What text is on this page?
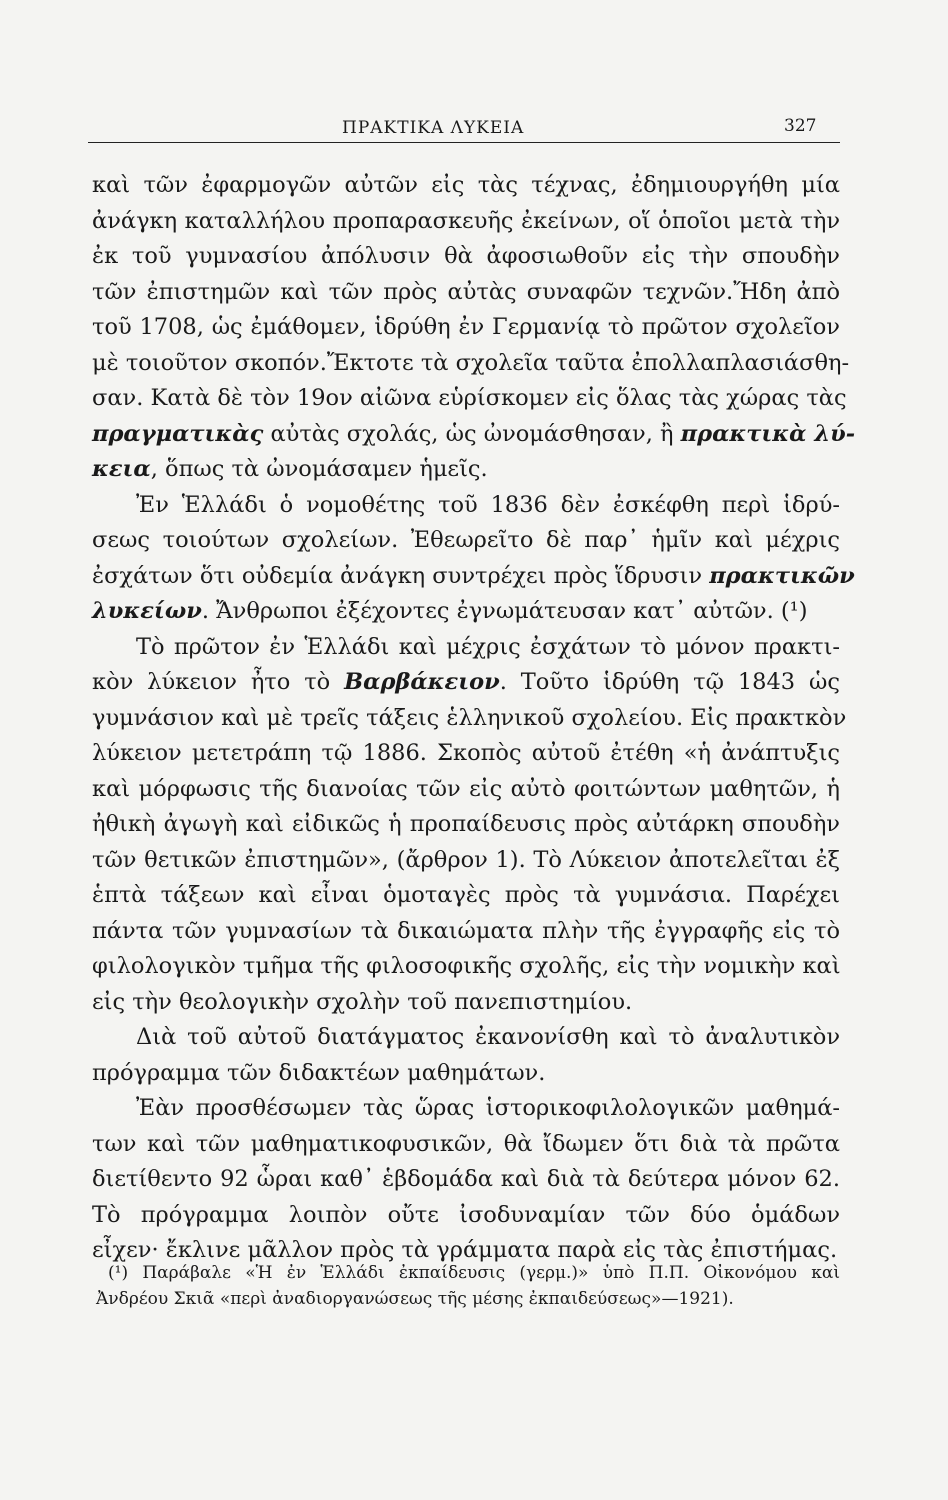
ΠΡΑΚΤΙΚΑ ΛΥΚΕΙΑ	327
καὶ τῶν ἐφαρμογῶν αὐτῶν εἰς τὰς τέχνας, ἐδημιουργήθη μία
ἀνάγκη καταλλήλου προπαρασκευῆς ἐκείνων, οἵ ὁποῖοι μετὰ τὴν
ἐκ τοῦ γυμνασίου ἀπόλυσιν θὰ ἀφοσιωθοῦν εἰς τὴν σπουδὴν
τῶν ἐπιστημῶν καὶ τῶν πρὸς αὐτὰς συναφῶν τεχνῶν.Ἤδη ἀπὸ
τοῦ 1708, ὡς ἐμάθομεν, ἱδρύθη ἐν Γερμανίᾳ τὸ πρῶτον σχολεῖον
μὲ τοιοῦτον σκοπόν.Ἔκτοτε τὰ σχολεῖα ταῦτα ἐπολλαπλασιάσθη-
σαν. Κατὰ δὲ τὸν 19ον αἰῶνα εὑρίσκομεν εἰς ὅλας τὰς χώρας τὰς
πραγματικὰς αὐτὰς σχολάς, ὡς ὠνομάσθησαν, ἢ πρακτικὰ λύ-
κεια, ὅπως τὰ ὠνομάσαμεν ἡμεῖς.
Ἐν Ἑλλάδι ὁ νομοθέτης τοῦ 1836 δὲν ἐσκέφθη περὶ ἱδρύ-
σεως τοιούτων σχολείων. Ἐθεωρεῖτο δὲ παρ᾽ ἡμῖν καὶ μέχρις
ἐσχάτων ὅτι οὐδεμία ἀνάγκη συντρέχει πρὸς ἵδρυσιν πρακτικῶν
λυκείων. Ἄνθρωποι ἐξέχοντες ἐγνωμάτευσαν κατ᾽ αὐτῶν. (¹)
Τὸ πρῶτον ἐν Ἑλλάδι καὶ μέχρις ἐσχάτων τὸ μόνον πρακτι-
κὸν λύκειον ἦτο τὸ Βαρβάκειον. Τοῦτο ἱδρύθη τῷ 1843 ὡς
γυμνάσιον καὶ μὲ τρεῖς τάξεις ἑλληνικοῦ σχολείου. Εἰς πρακτκὸν
λύκειον μετετράπη τῷ 1886. Σκοπὸς αὐτοῦ ἐτέθη «ἡ ἀνάπτυξις
καὶ μόρφωσις τῆς διανοίας τῶν εἰς αὐτὸ φοιτώντων μαθητῶν, ἡ
ἠθικὴ ἀγωγὴ καὶ εἰδικῶς ἡ προπαίδευσις πρὸς αὐτάρκη σπουδὴν
τῶν θετικῶν ἐπιστημῶν», (ἄρθρον 1). Τὸ Λύκειον ἀποτελεῖται ἐξ
ἑπτὰ τάξεων καὶ εἶναι ὁμοταγὲς πρὸς τὰ γυμνάσια. Παρέχει
πάντα τῶν γυμνασίων τὰ δικαιώματα πλὴν τῆς ἐγγραφῆς εἰς τὸ
φιλολογικὸν τμῆμα τῆς φιλοσοφικῆς σχολῆς, εἰς τὴν νομικὴν καὶ
εἰς τὴν θεολογικὴν σχολὴν τοῦ πανεπιστημίου.
Διὰ τοῦ αὐτοῦ διατάγματος ἐκανονίσθη καὶ τὸ ἀναλυτικὸν
πρόγραμμα τῶν διδακτέων μαθημάτων.
Ἐὰν προσθέσωμεν τὰς ὥρας ἱστορικοφιλολογικῶν μαθημά-
των καὶ τῶν μαθηματικοφυσικῶν, θὰ ἴδωμεν ὅτι διὰ τὰ πρῶτα
διετίθεντο 92 ὧραι καθ᾽ ἑβδομάδα καὶ διὰ τὰ δεύτερα μόνον 62.
Τὸ πρόγραμμα λοιπὸν οὔτε ἰσοδυναμίαν τῶν δύο ὁμάδων
εἶχεν· ἔκλινε μᾶλλον πρὸς τὰ γράμματα παρὰ εἰς τὰς ἐπιστήμας.
(¹) Παράβαλε «Ἡ ἐν Ἑλλάδι ἐκπαίδευσις (γερμ.)» ὑπὸ Π.Π. Οἰκονόμου καὶ
Ἀνδρέου Σκιᾶ «περὶ ἀναδιοργανώσεως τῆς μέσης ἐκπαιδεύσεως»—1921).
